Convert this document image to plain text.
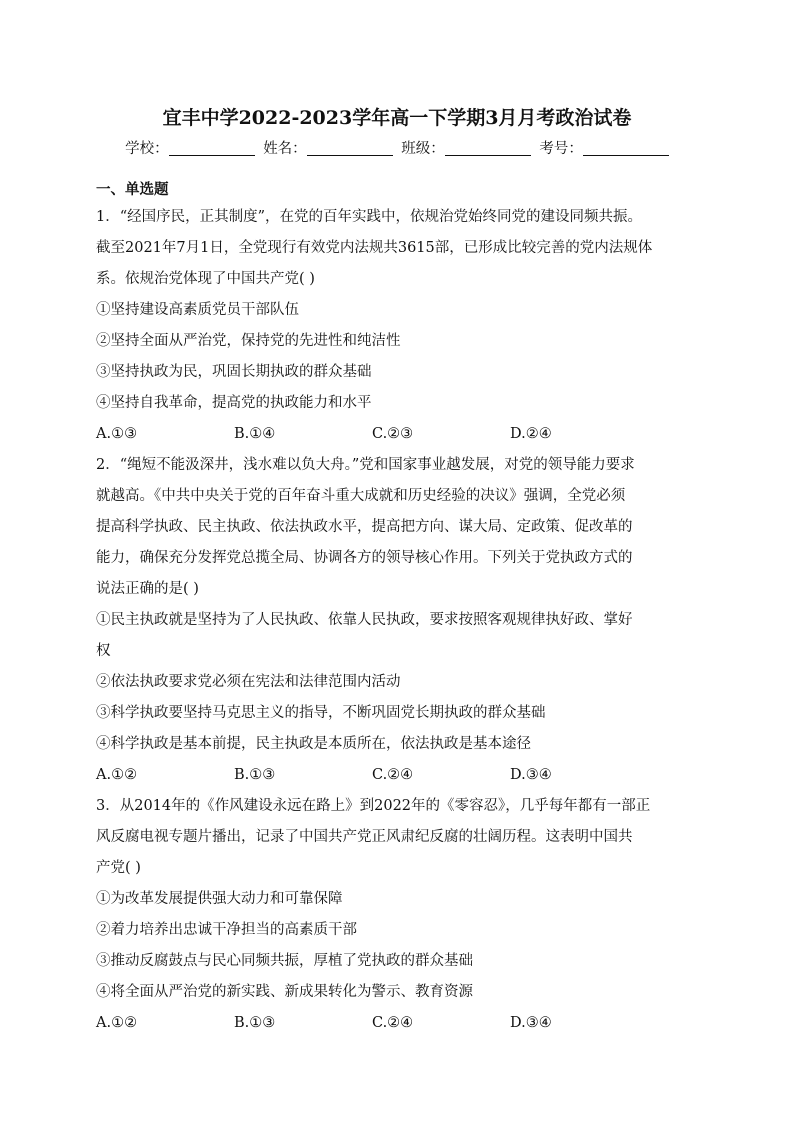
宜丰中学2022-2023学年高一下学期3月月考政治试卷
学校：	姓名：	班级：	考号：
一、单选题
1．“经国序民，正其制度”，在党的百年实践中，依规治党始终同党的建设同频共振。
截至2021年7月1日，全党现行有效党内法规共3615部，已形成比较完善的党内法规体
系。依规治党体现了中国共产党( )
①坚持建设高素质党员干部队伍
②坚持全面从严治党，保持党的先进性和纯洁性
③坚持执政为民，巩固长期执政的群众基础
④坚持自我革命，提高党的执政能力和水平
A.①③	B.①④	C.②③	D.②④
2．“绳短不能汲深井，浅水难以负大舟。”党和国家事业越发展，对党的领导能力要求
就越高。《中共中央关于党的百年奋斗重大成就和历史经验的决议》强调，全党必须
提高科学执政、民主执政、依法执政水平，提高把方向、谋大局、定政策、促改革的
能力，确保充分发挥党总揽全局、协调各方的领导核心作用。下列关于党执政方式的
说法正确的是( )
①民主执政就是坚持为了人民执政、依靠人民执政，要求按照客观规律执好政、掌好
权
②依法执政要求党必须在宪法和法律范围内活动
③科学执政要坚持马克思主义的指导，不断巩固党长期执政的群众基础
④科学执政是基本前提，民主执政是本质所在，依法执政是基本途径
A.①②	B.①③	C.②④	D.③④
3．从2014年的《作风建设永远在路上》到2022年的《零容忍》，几乎每年都有一部正
风反腐电视专题片播出，记录了中国共产党正风肃纪反腐的壮阔历程。这表明中国共
产党( )
①为改革发展提供强大动力和可靠保障
②着力培养出忠诚干净担当的高素质干部
③推动反腐鼓点与民心同频共振，厚植了党执政的群众基础
④将全面从严治党的新实践、新成果转化为警示、教育资源
A.①②	B.①③	C.②④	D.③④
